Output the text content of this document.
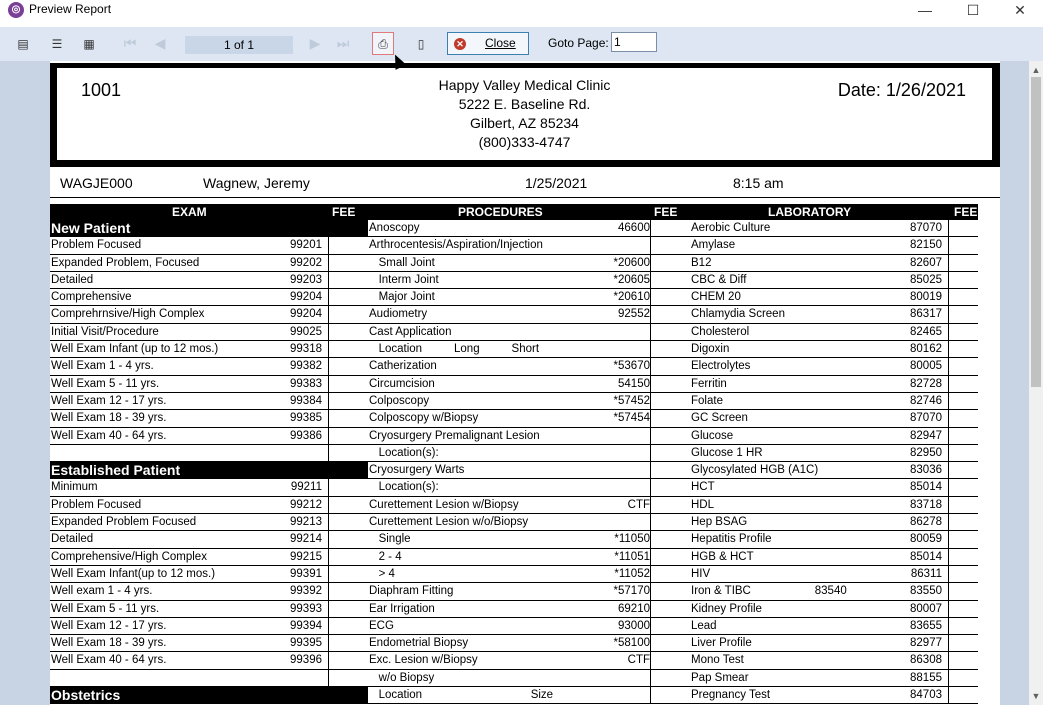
◎ Preview Report	—	☐	✕
▤	☰	▦	⏮	◀	1 of 1	▶	⏭	⎙	▯	✕ Close	Goto Page:
1
1001	Happy Valley Medical Clinic
5222 E. Baseline Rd.
Gilbert, AZ 85234
(800)333-4747
Date: 1/26/2021
WAGJE000	Wagnew, Jeremy	1/25/2021	8:15 am
EXAM	FEE
New Patient
Problem Focused	99201
Expanded Problem, Focused	99202
Detailed	99203
Comprehensive	99204
Comprehrnsive/High Complex	99204
Initial Visit/Procedure	99025
Well Exam Infant (up to 12 mos.)	99318
Well Exam 1 - 4 yrs.	99382
Well Exam 5 - 11 yrs.	99383
Well Exam 12 - 17 yrs.	99384
Well Exam 18 - 39 yrs.	99385
Well Exam 40 - 64 yrs.	99386
Established Patient
Minimum	99211
Problem Focused	99212
Expanded Problem Focused	99213
Detailed	99214
Comprehensive/High Complex	99215
Well Exam Infant(up to 12 mos.)	99391
Well exam 1 - 4 yrs.	99392
Well Exam 5 - 11 yrs.	99393
Well Exam 12 - 17 yrs.	99394
Well Exam 18 - 39 yrs.	99395
Well Exam 40 - 64 yrs.	99396
Obstetrics
PROCEDURES	FEE
Anoscopy	46600
Arthrocentesis/Aspiration/Injection
Small Joint	*20600
Interm Joint	*20605
Major Joint	*20610
Audiometry	92552
Cast Application
Location          Long          Short
Catherization	*53670
Circumcision	54150
Colposcopy	*57452
Colposcopy w/Biopsy	*57454
Cryosurgery Premalignant Lesion
Location(s):
Cryosurgery Warts
Location(s):
Curettement Lesion w/Biopsy	CTF
Curettement Lesion w/o/Biopsy
Single	*11050
2 - 4	*11051
> 4	*11052
Diaphram Fitting	*57170
Ear Irrigation	69210
ECG	93000
Endometrial Biopsy	*58100
Exc. Lesion w/Biopsy	CTF
w/o Biopsy
Location                                  Size
LABORATORY	FEE
Aerobic Culture	87070
Amylase	82150
B12	82607
CBC & Diff	85025
CHEM 20	80019
Chlamydia Screen	86317
Cholesterol	82465
Digoxin	80162
Electrolytes	80005
Ferritin	82728
Folate	82746
GC Screen	87070
Glucose	82947
Glucose 1 HR	82950
Glycosylated HGB (A1C)	83036
HCT	85014
HDL	83718
Hep BSAG	86278
Hepatitis Profile	80059
HGB & HCT	85014
HIV	86311
Iron & TIBC                    83540	83550
Kidney Profile	80007
Lead	83655
Liver Profile	82977
Mono Test	86308
Pap Smear	88155
Pregnancy Test	84703
▲
▼
